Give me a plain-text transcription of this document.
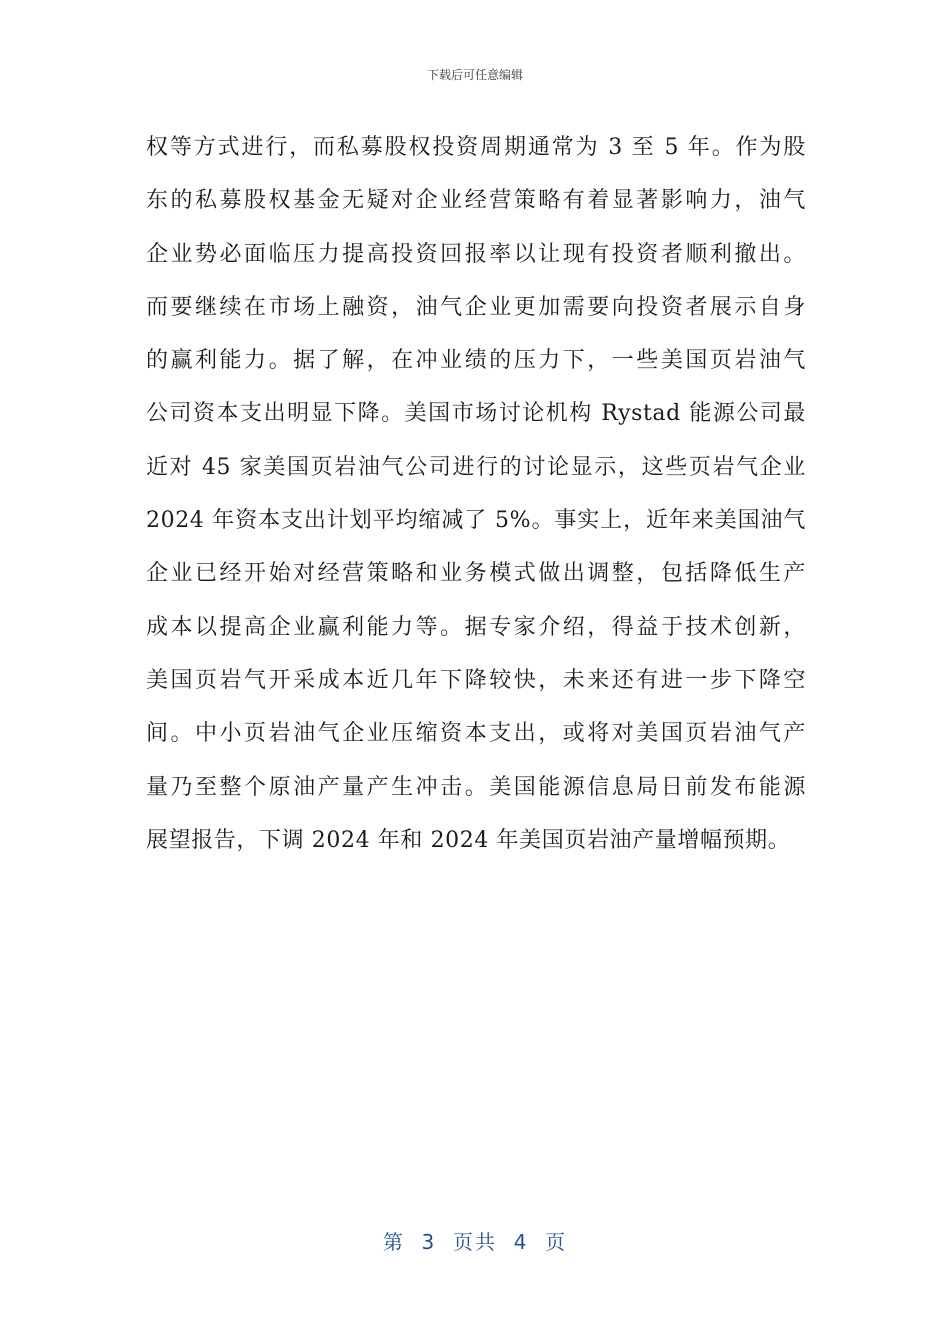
下载后可任意编辑
权等方式进行，而私募股权投资周期通常为 3 至 5 年。作为股
东的私募股权基金无疑对企业经营策略有着显著影响力，油气
企业势必面临压力提高投资回报率以让现有投资者顺利撤出。
而要继续在市场上融资，油气企业更加需要向投资者展示自身
的赢利能力。据了解，在冲业绩的压力下，一些美国页岩油气
公司资本支出明显下降。美国市场讨论机构 Rystad 能源公司最
近对 45 家美国页岩油气公司进行的讨论显示，这些页岩气企业
2024 年资本支出计划平均缩减了 5%。事实上，近年来美国油气
企业已经开始对经营策略和业务模式做出调整，包括降低生产
成本以提高企业赢利能力等。据专家介绍，得益于技术创新，
美国页岩气开采成本近几年下降较快，未来还有进一步下降空
间。中小页岩油气企业压缩资本支出，或将对美国页岩油气产
量乃至整个原油产量产生冲击。美国能源信息局日前发布能源
展望报告，下调 2024 年和 2024 年美国页岩油产量增幅预期。
第  3  页共  4  页
